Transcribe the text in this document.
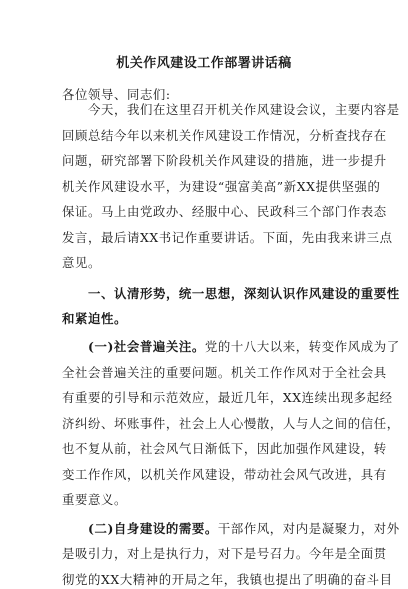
机关作风建设工作部署讲话稿
各位领导、同志们:
今天，我们在这里召开机关作风建设会议，主要内容是
回顾总结今年以来机关作风建设工作情况，分析查找存在
问题，研究部署下阶段机关作风建设的措施，进一步提升
机关作风建设水平，为建设“强富美高”新XX提供坚强的
保证。马上由党政办、经服中心、民政科三个部门作表态
发言，最后请XX书记作重要讲话。下面，先由我来讲三点
意见。
一、认清形势，统一思想，深刻认识作风建设的重要性
和紧迫性。
(一)社会普遍关注。党的十八大以来，转变作风成为了
全社会普遍关注的重要问题。机关工作作风对于全社会具
有重要的引导和示范效应，最近几年，XX连续出现多起经
济纠纷、坏账事件，社会上人心慢散，人与人之间的信任，
也不复从前，社会风气日渐低下，因此加强作风建设，转
变工作作风，以机关作风建设，带动社会风气改进，具有
重要意义。
(二)自身建设的需要。干部作风，对内是凝聚力，对外
是吸引力，对上是执行力，对下是号召力。今年是全面贯
彻党的XX大精神的开局之年，我镇也提出了明确的奋斗目
